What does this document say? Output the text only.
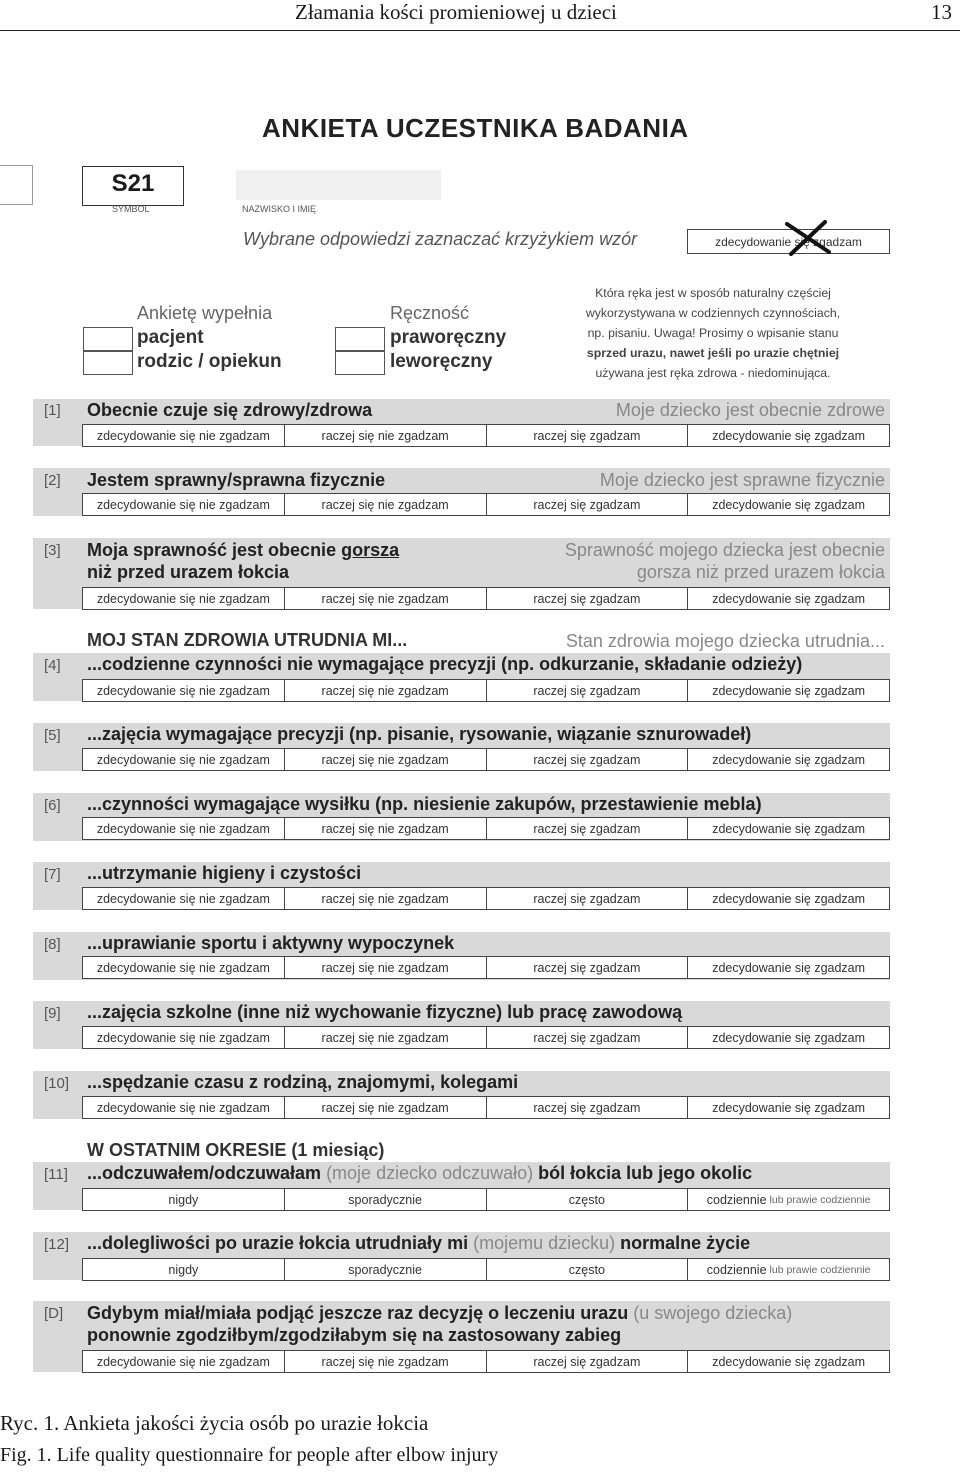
Złamania kości promieniowej u dzieci	13
ANKIETA UCZESTNIKA BADANIA
S21
SYMBOL	NAZWISKO I IMIĘ
Wybrane odpowiedzi zaznaczać krzyżykiem wzór	zdecydowanie się zgadzam
Ankietę wypełnia
pacjent
rodzic / opiekun
Ręczność
praworęczny
leworęczny
Która ręka jest w sposób naturalny częściej
wykorzystywana w codziennych czynnościach,
np. pisaniu. Uwaga! Prosimy o wpisanie stanu
sprzed urazu, nawet jeśli po urazie chętniej
używana jest ręka zdrowa - niedominująca.
[1] Obecnie czuje się zdrowy/zdrowa	Moje dziecko jest obecnie zdrowe
zdecydowanie się nie zgadzam	raczej się nie zgadzam	raczej się zgadzam	zdecydowanie się zgadzam
[2] Jestem sprawny/sprawna fizycznie	Moje dziecko jest sprawne fizycznie
zdecydowanie się nie zgadzam	raczej się nie zgadzam	raczej się zgadzam	zdecydowanie się zgadzam
[3] Moja sprawność jest obecnie gorsza
niż przed urazem łokcia
Sprawność mojego dziecka jest obecnie
gorsza niż przed urazem łokcia
zdecydowanie się nie zgadzam	raczej się nie zgadzam	raczej się zgadzam	zdecydowanie się zgadzam
MOJ STAN ZDROWIA UTRUDNIA MI...	Stan zdrowia mojego dziecka utrudnia...
[4] ...codzienne czynności nie wymagające precyzji (np. odkurzanie, składanie odzieży)
zdecydowanie się nie zgadzam	raczej się nie zgadzam	raczej się zgadzam	zdecydowanie się zgadzam
[5] ...zajęcia wymagające precyzji (np. pisanie, rysowanie, wiązanie sznurowadeł)
zdecydowanie się nie zgadzam	raczej się nie zgadzam	raczej się zgadzam	zdecydowanie się zgadzam
[6] ...czynności wymagające wysiłku (np. niesienie zakupów, przestawienie mebla)
zdecydowanie się nie zgadzam	raczej się nie zgadzam	raczej się zgadzam	zdecydowanie się zgadzam
[7] ...utrzymanie higieny i czystości
zdecydowanie się nie zgadzam	raczej się nie zgadzam	raczej się zgadzam	zdecydowanie się zgadzam
[8] ...uprawianie sportu i aktywny wypoczynek
zdecydowanie się nie zgadzam	raczej się nie zgadzam	raczej się zgadzam	zdecydowanie się zgadzam
[9] ...zajęcia szkolne (inne niż wychowanie fizyczne) lub pracę zawodową
zdecydowanie się nie zgadzam	raczej się nie zgadzam	raczej się zgadzam	zdecydowanie się zgadzam
[10] ...spędzanie czasu z rodziną, znajomymi, kolegami
zdecydowanie się nie zgadzam	raczej się nie zgadzam	raczej się zgadzam	zdecydowanie się zgadzam
W OSTATNIM OKRESIE (1 miesiąc)
[11] ...odczuwałem/odczuwałam (moje dziecko odczuwało) ból łokcia lub jego okolic
nigdy	sporadycznie	często	codziennie lub prawie codziennie
[12] ...dolegliwości po urazie łokcia utrudniały mi (mojemu dziecku) normalne życie
nigdy	sporadycznie	często	codziennie lub prawie codziennie
[D] Gdybym miał/miała podjąć jeszcze raz decyzję o leczeniu urazu (u swojego dziecka)
ponownie zgodziłbym/zgodziłabym się na zastosowany zabieg
zdecydowanie się nie zgadzam	raczej się nie zgadzam	raczej się zgadzam	zdecydowanie się zgadzam
Ryc. 1. Ankieta jakości życia osób po urazie łokcia
Fig. 1. Life quality questionnaire for people after elbow injury
